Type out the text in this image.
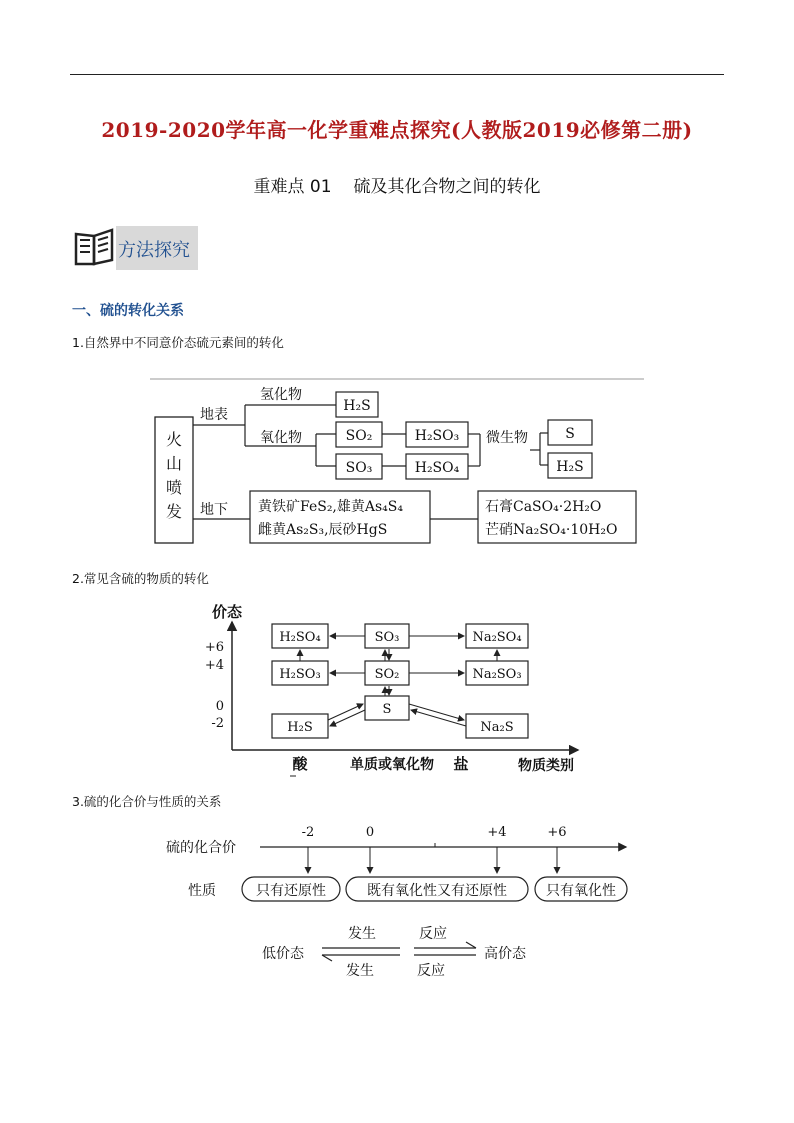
2019-2020学年高一化学重难点探究(人教版2019必修第二册)
重难点 01 硫及其化合物之间的转化
方法探究
一、硫的转化关系
1.自然界中不同意价态硫元素间的转化
2.常见含硫的物质的转化
3.硫的化合价与性质的关系
火
山
喷
发
地表
氢化物
氧化物
H₂S
SO₂
SO₃
H₂SO₃
H₂SO₄
微生物	S
H₂S
地下 黄铁矿FeS₂,雄黄As₄S₄
雌黄As₂S₃,辰砂HgS
石膏CaSO₄·2H₂O
芒硝Na₂SO₄·10H₂O
价态
+6
+4
0
-2
酸	单质或氧化物 盐	物质类别
H₂SO₄	SO₃	Na₂SO₄
H₂SO₃	SO₂	Na₂SO₃
S
H₂S	Na₂S
硫的化合价
-2	0	+4	+6
性质	只有还原性	既有氧化性又有还原性	只有氧化性
低价态	高价态
发生	反应
发生	反应
